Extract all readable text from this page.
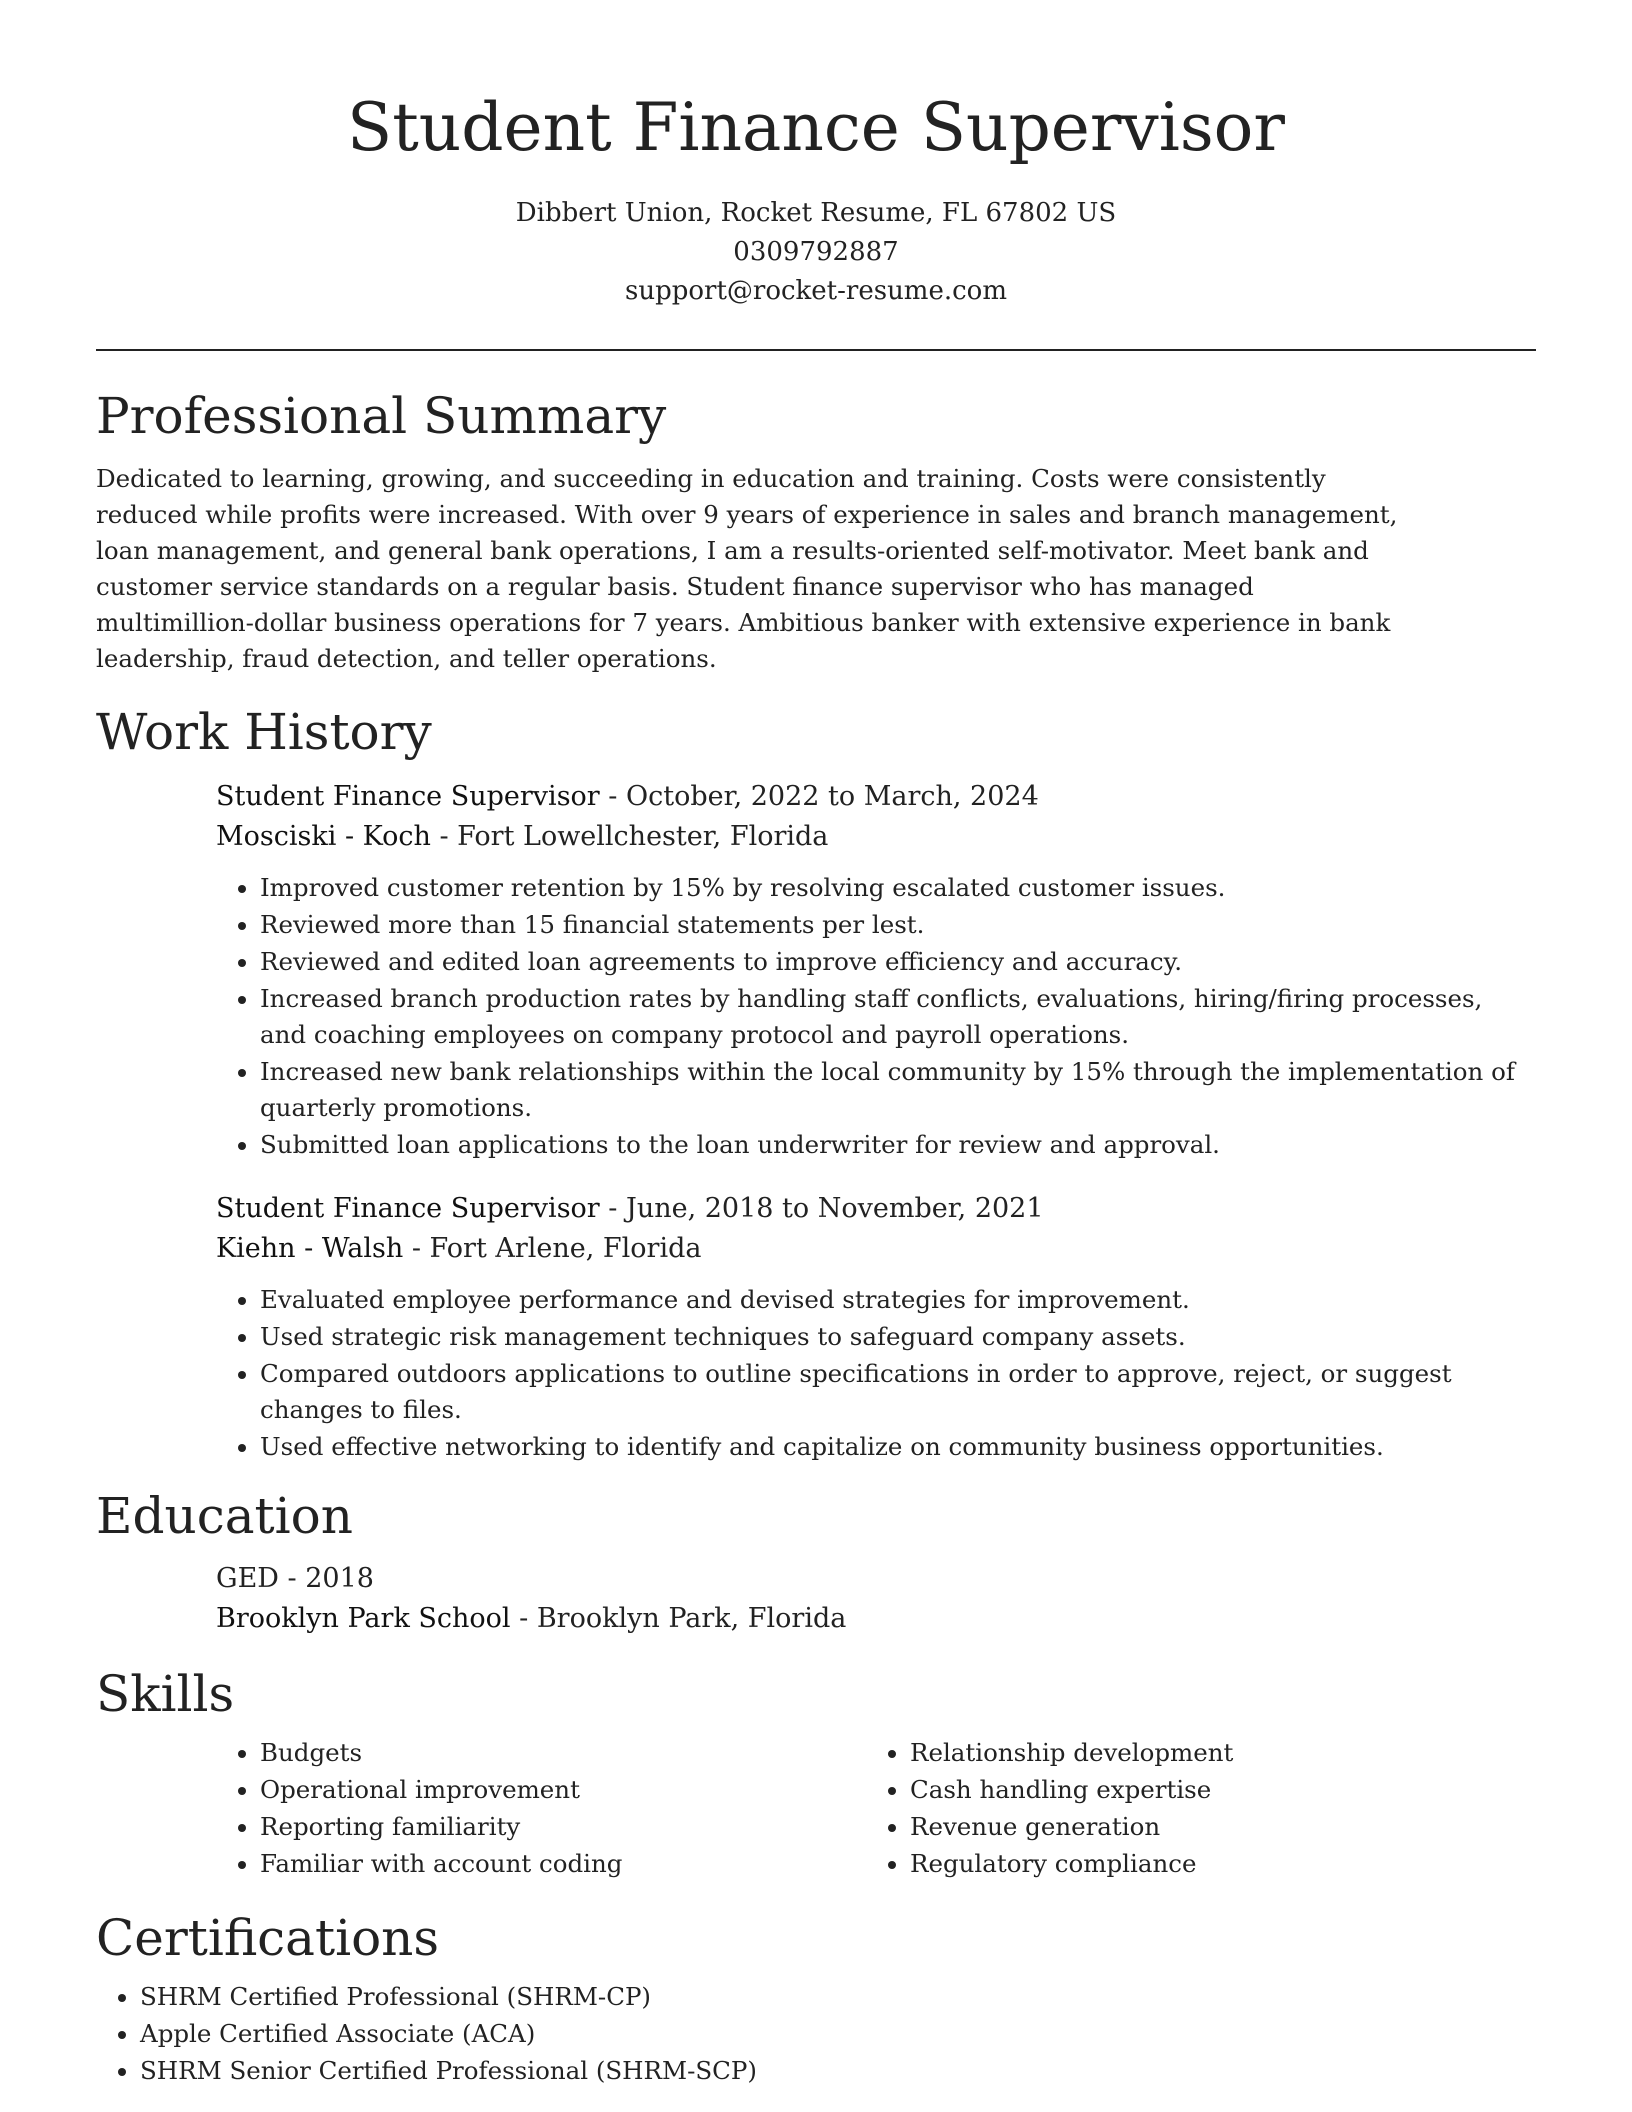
Student Finance Supervisor

Dibbert Union, Rocket Resume, FL 67802 US

0309792887

support@rocket-resume.com

Professional Summary

Dedicated to learning, growing, and succeeding in education and training. Costs were consistently reduced while profits were increased. With over 9 years of experience in sales and branch management, loan management, and general bank operations, I am a results-oriented self-motivator. Meet bank and customer service standards on a regular basis. Student finance supervisor who has managed multimillion-dollar business operations for 7 years. Ambitious banker with extensive experience in bank leadership, fraud detection, and teller operations.

Work History

Student Finance Supervisor - October, 2022 to March, 2024

Mosciski - Koch - Fort Lowellchester, Florida

• Improved customer retention by 15% by resolving escalated customer issues.
• Reviewed more than 15 financial statements per lest.
• Reviewed and edited loan agreements to improve efficiency and accuracy.
• Increased branch production rates by handling staff conflicts, evaluations, hiring/firing processes, and coaching employees on company protocol and payroll operations.
• Increased new bank relationships within the local community by 15% through the implementation of quarterly promotions.
• Submitted loan applications to the loan underwriter for review and approval.

Student Finance Supervisor - June, 2018 to November, 2021

Kiehn - Walsh - Fort Arlene, Florida

• Evaluated employee performance and devised strategies for improvement.
• Used strategic risk management techniques to safeguard company assets.
• Compared outdoors applications to outline specifications in order to approve, reject, or suggest changes to files.
• Used effective networking to identify and capitalize on community business opportunities.
Education

GED - 2018

Brooklyn Park School - Brooklyn Park, Florida

Skills
• Budgets
• Operational improvement
• Reporting familiarity
• Familiar with account coding
• Relationship development
• Cash handling expertise
• Revenue generation
• Regulatory compliance
Certifications
• SHRM Certified Professional (SHRM-CP)
• Apple Certified Associate (ACA)
• SHRM Senior Certified Professional (SHRM-SCP)
